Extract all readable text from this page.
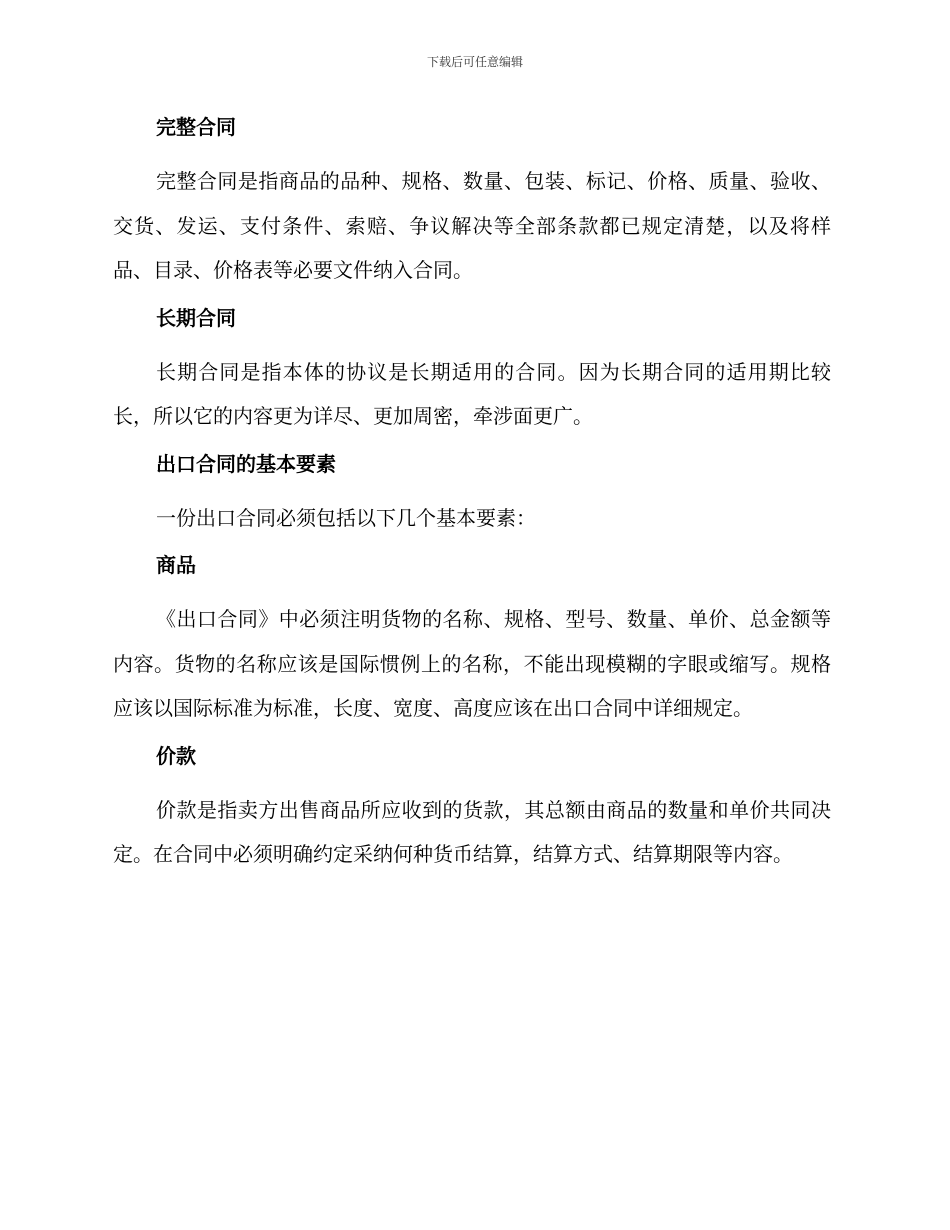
下载后可任意编辑
完整合同
完整合同是指商品的品种、规格、数量、包装、标记、价格、质量、验收、交货、发运、支付条件、索赔、争议解决等全部条款都已规定清楚，以及将样品、目录、价格表等必要文件纳入合同。
长期合同
长期合同是指本体的协议是长期适用的合同。因为长期合同的适用期比较长，所以它的内容更为详尽、更加周密，牵涉面更广。
出口合同的基本要素
一份出口合同必须包括以下几个基本要素：
商品
《出口合同》中必须注明货物的名称、规格、型号、数量、单价、总金额等内容。货物的名称应该是国际惯例上的名称，不能出现模糊的字眼或缩写。规格应该以国际标准为标准，长度、宽度、高度应该在出口合同中详细规定。
价款
价款是指卖方出售商品所应收到的货款，其总额由商品的数量和单价共同决定。在合同中必须明确约定采纳何种货币结算，结算方式、结算期限等内容。
